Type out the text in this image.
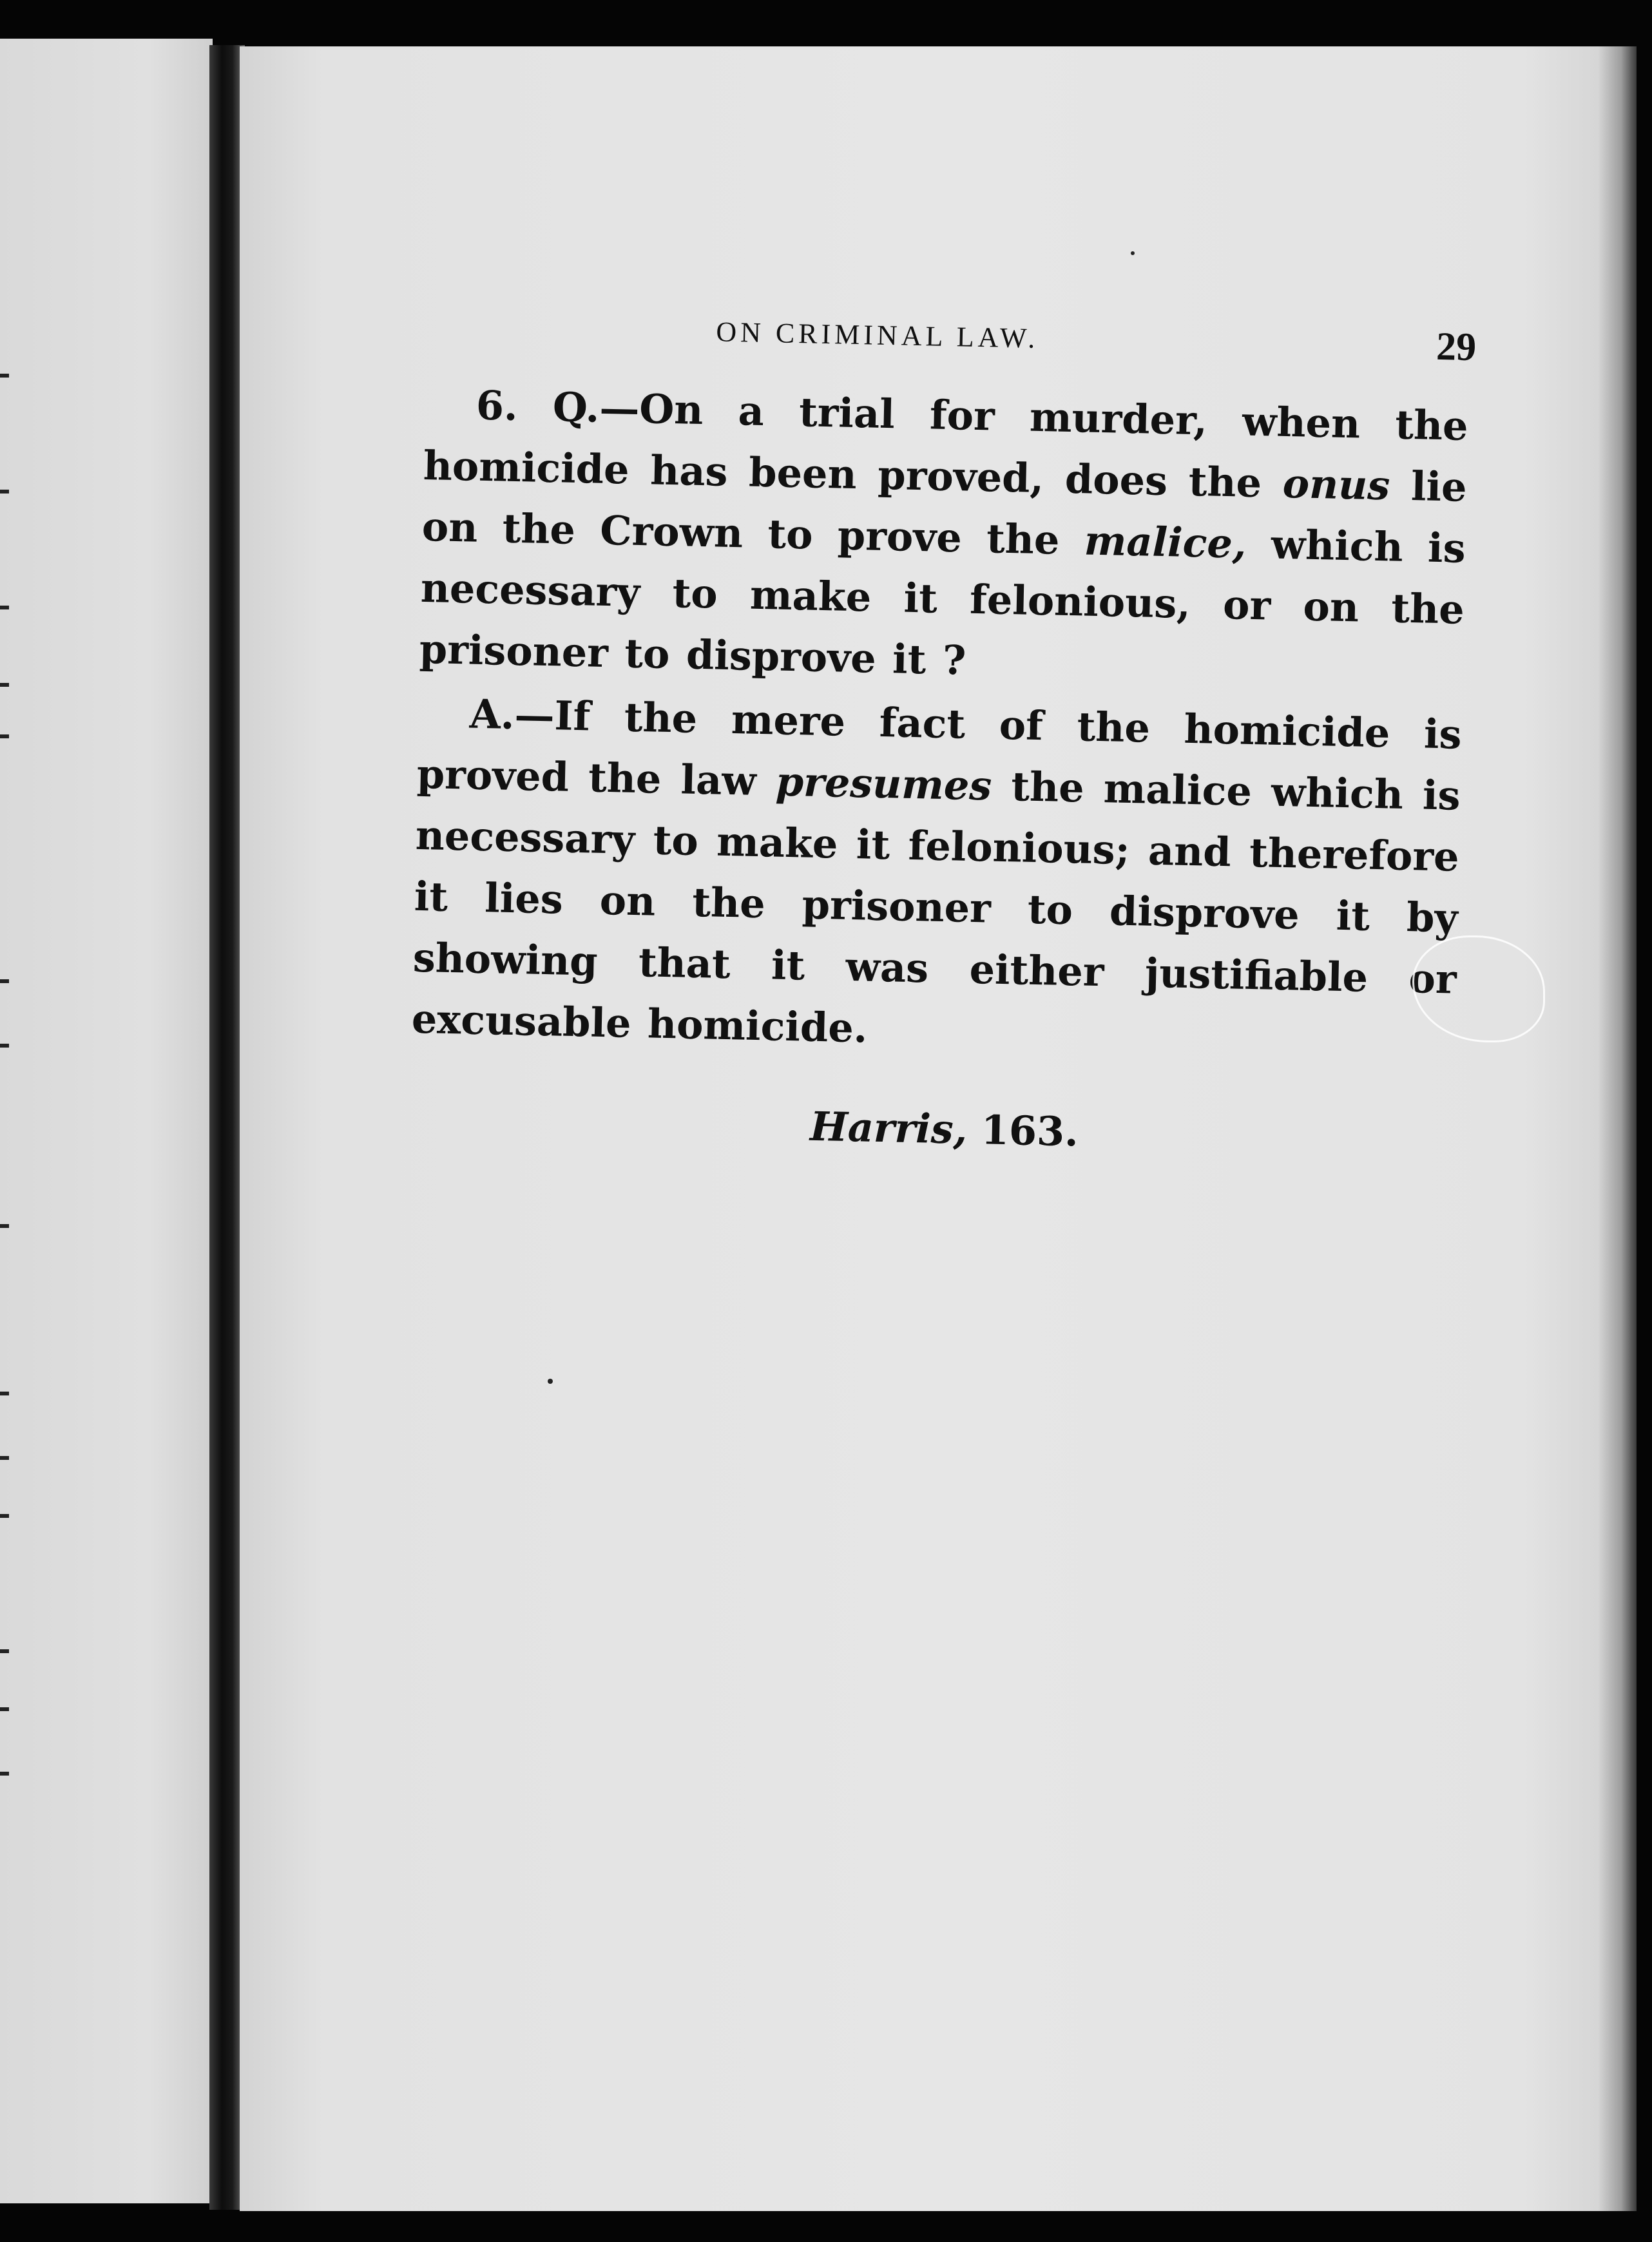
ON CRIMINAL LAW.	29

6. Q.—On a trial for murder, when the homicide has been proved, does the onus lie on the Crown to prove the malice, which is necessary to make it felonious, or on the prisoner to disprove it ?

A.—If the mere fact of the homicide is proved the law presumes the malice which is necessary to make it felonious; and therefore it lies on the prisoner to disprove it by showing that it was either justifiable or excusable homicide.

Harris, 163.
